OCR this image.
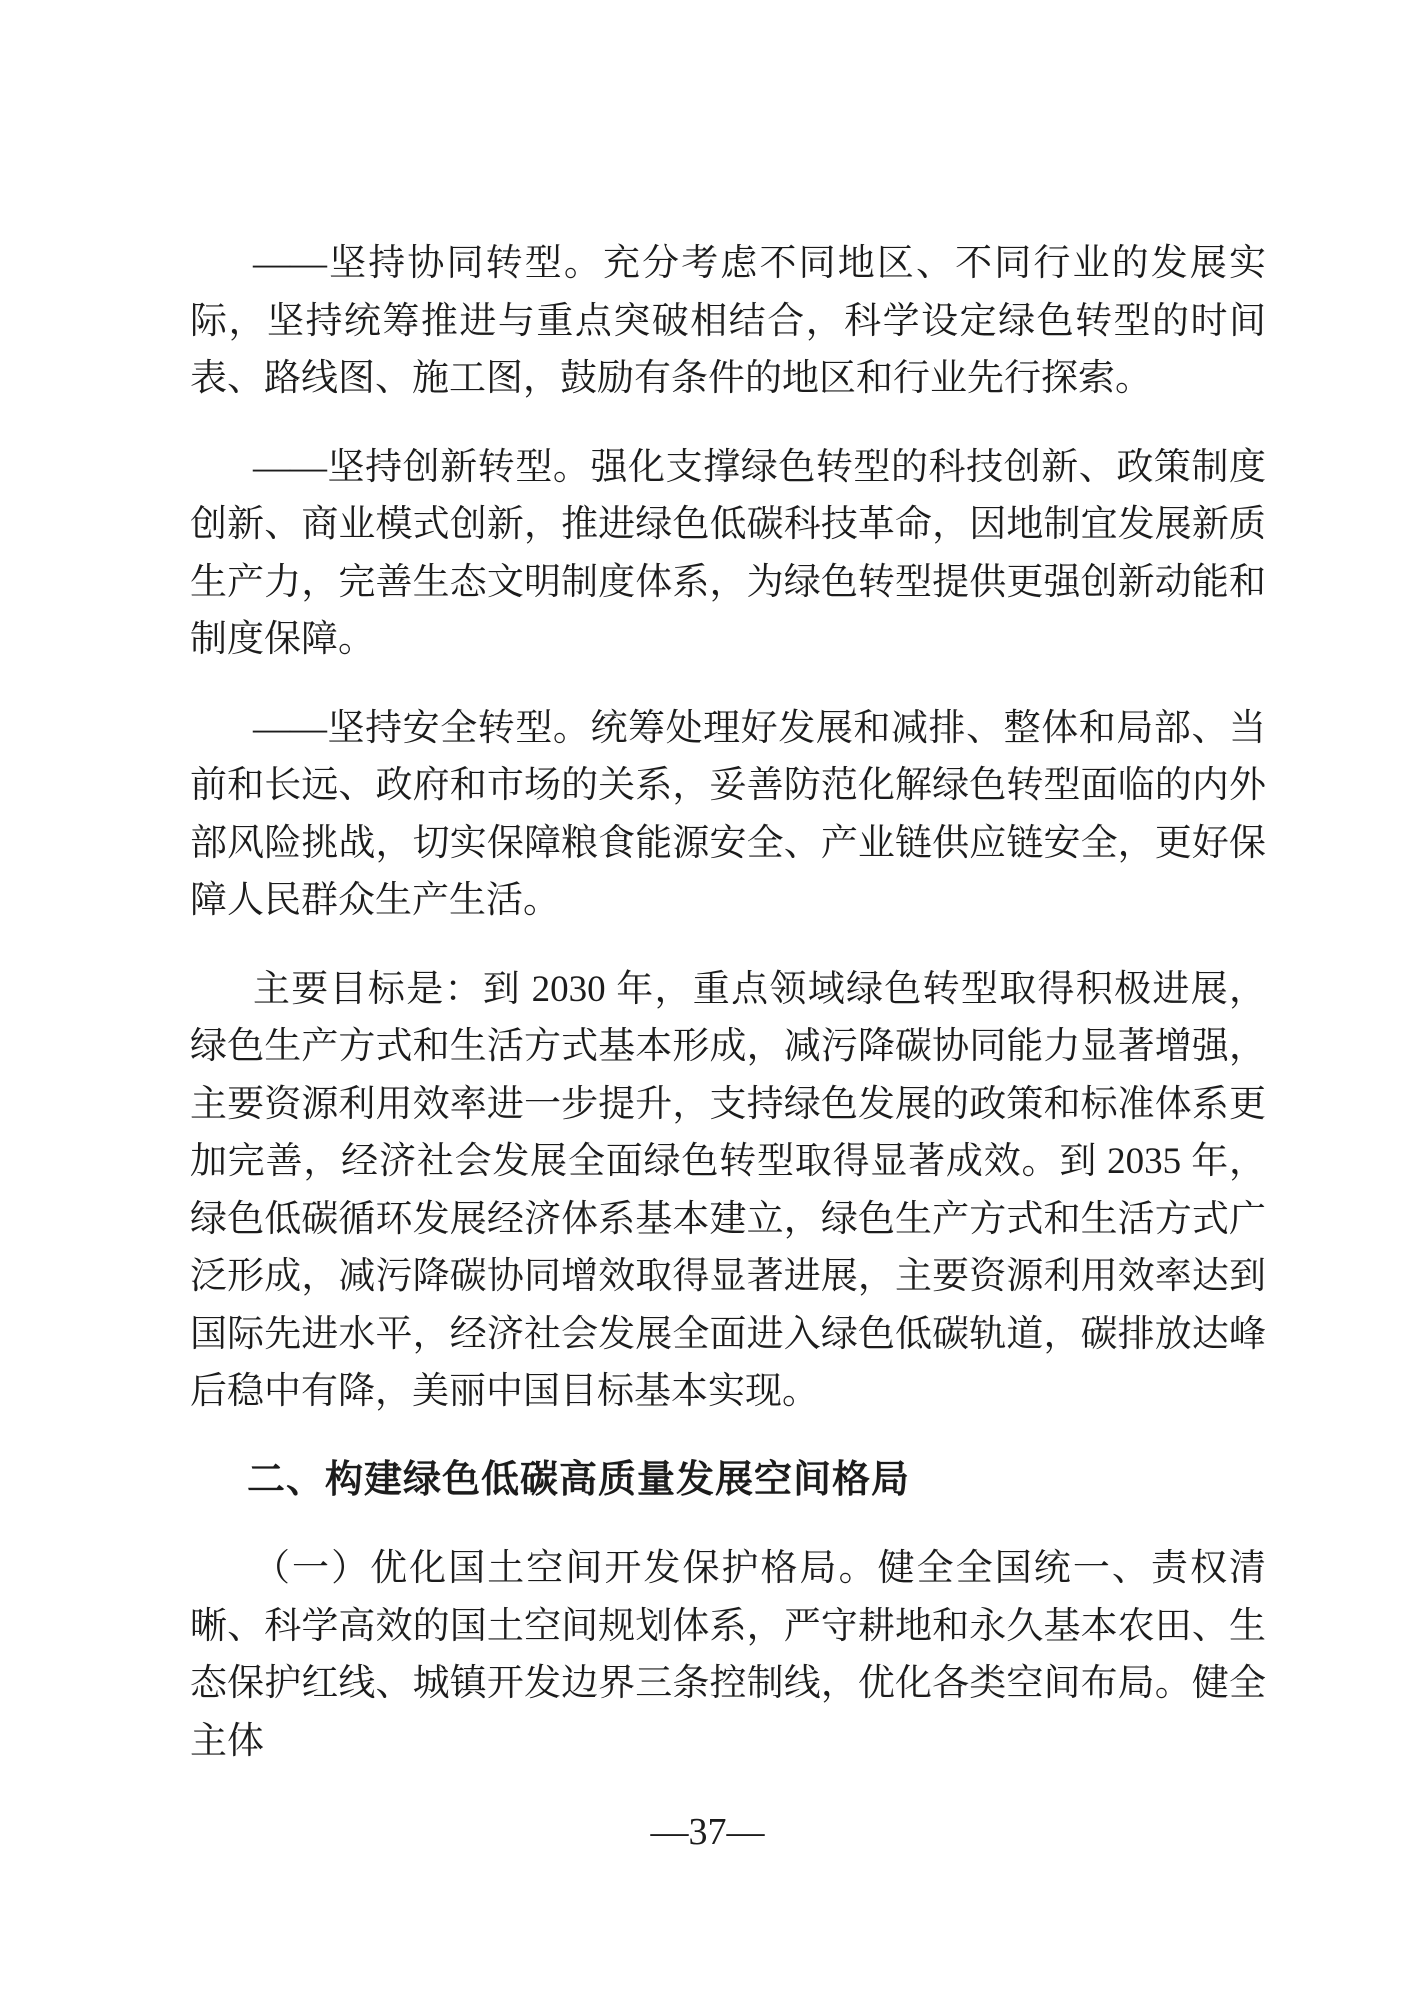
——坚持协同转型。充分考虑不同地区、不同行业的发展实际，坚持统筹推进与重点突破相结合，科学设定绿色转型的时间表、路线图、施工图，鼓励有条件的地区和行业先行探索。

——坚持创新转型。强化支撑绿色转型的科技创新、政策制度创新、商业模式创新，推进绿色低碳科技革命，因地制宜发展新质生产力，完善生态文明制度体系，为绿色转型提供更强创新动能和制度保障。

——坚持安全转型。统筹处理好发展和减排、整体和局部、当前和长远、政府和市场的关系，妥善防范化解绿色转型面临的内外部风险挑战，切实保障粮食能源安全、产业链供应链安全，更好保障人民群众生产生活。

主要目标是：到 2030 年，重点领域绿色转型取得积极进展，绿色生产方式和生活方式基本形成，减污降碳协同能力显著增强，主要资源利用效率进一步提升，支持绿色发展的政策和标准体系更加完善，经济社会发展全面绿色转型取得显著成效。到 2035 年，绿色低碳循环发展经济体系基本建立，绿色生产方式和生活方式广泛形成，减污降碳协同增效取得显著进展，主要资源利用效率达到国际先进水平，经济社会发展全面进入绿色低碳轨道，碳排放达峰后稳中有降，美丽中国目标基本实现。

二、构建绿色低碳高质量发展空间格局

（一）优化国土空间开发保护格局。健全全国统一、责权清晰、科学高效的国土空间规划体系，严守耕地和永久基本农田、生态保护红线、城镇开发边界三条控制线，优化各类空间布局。健全主体

—37—
